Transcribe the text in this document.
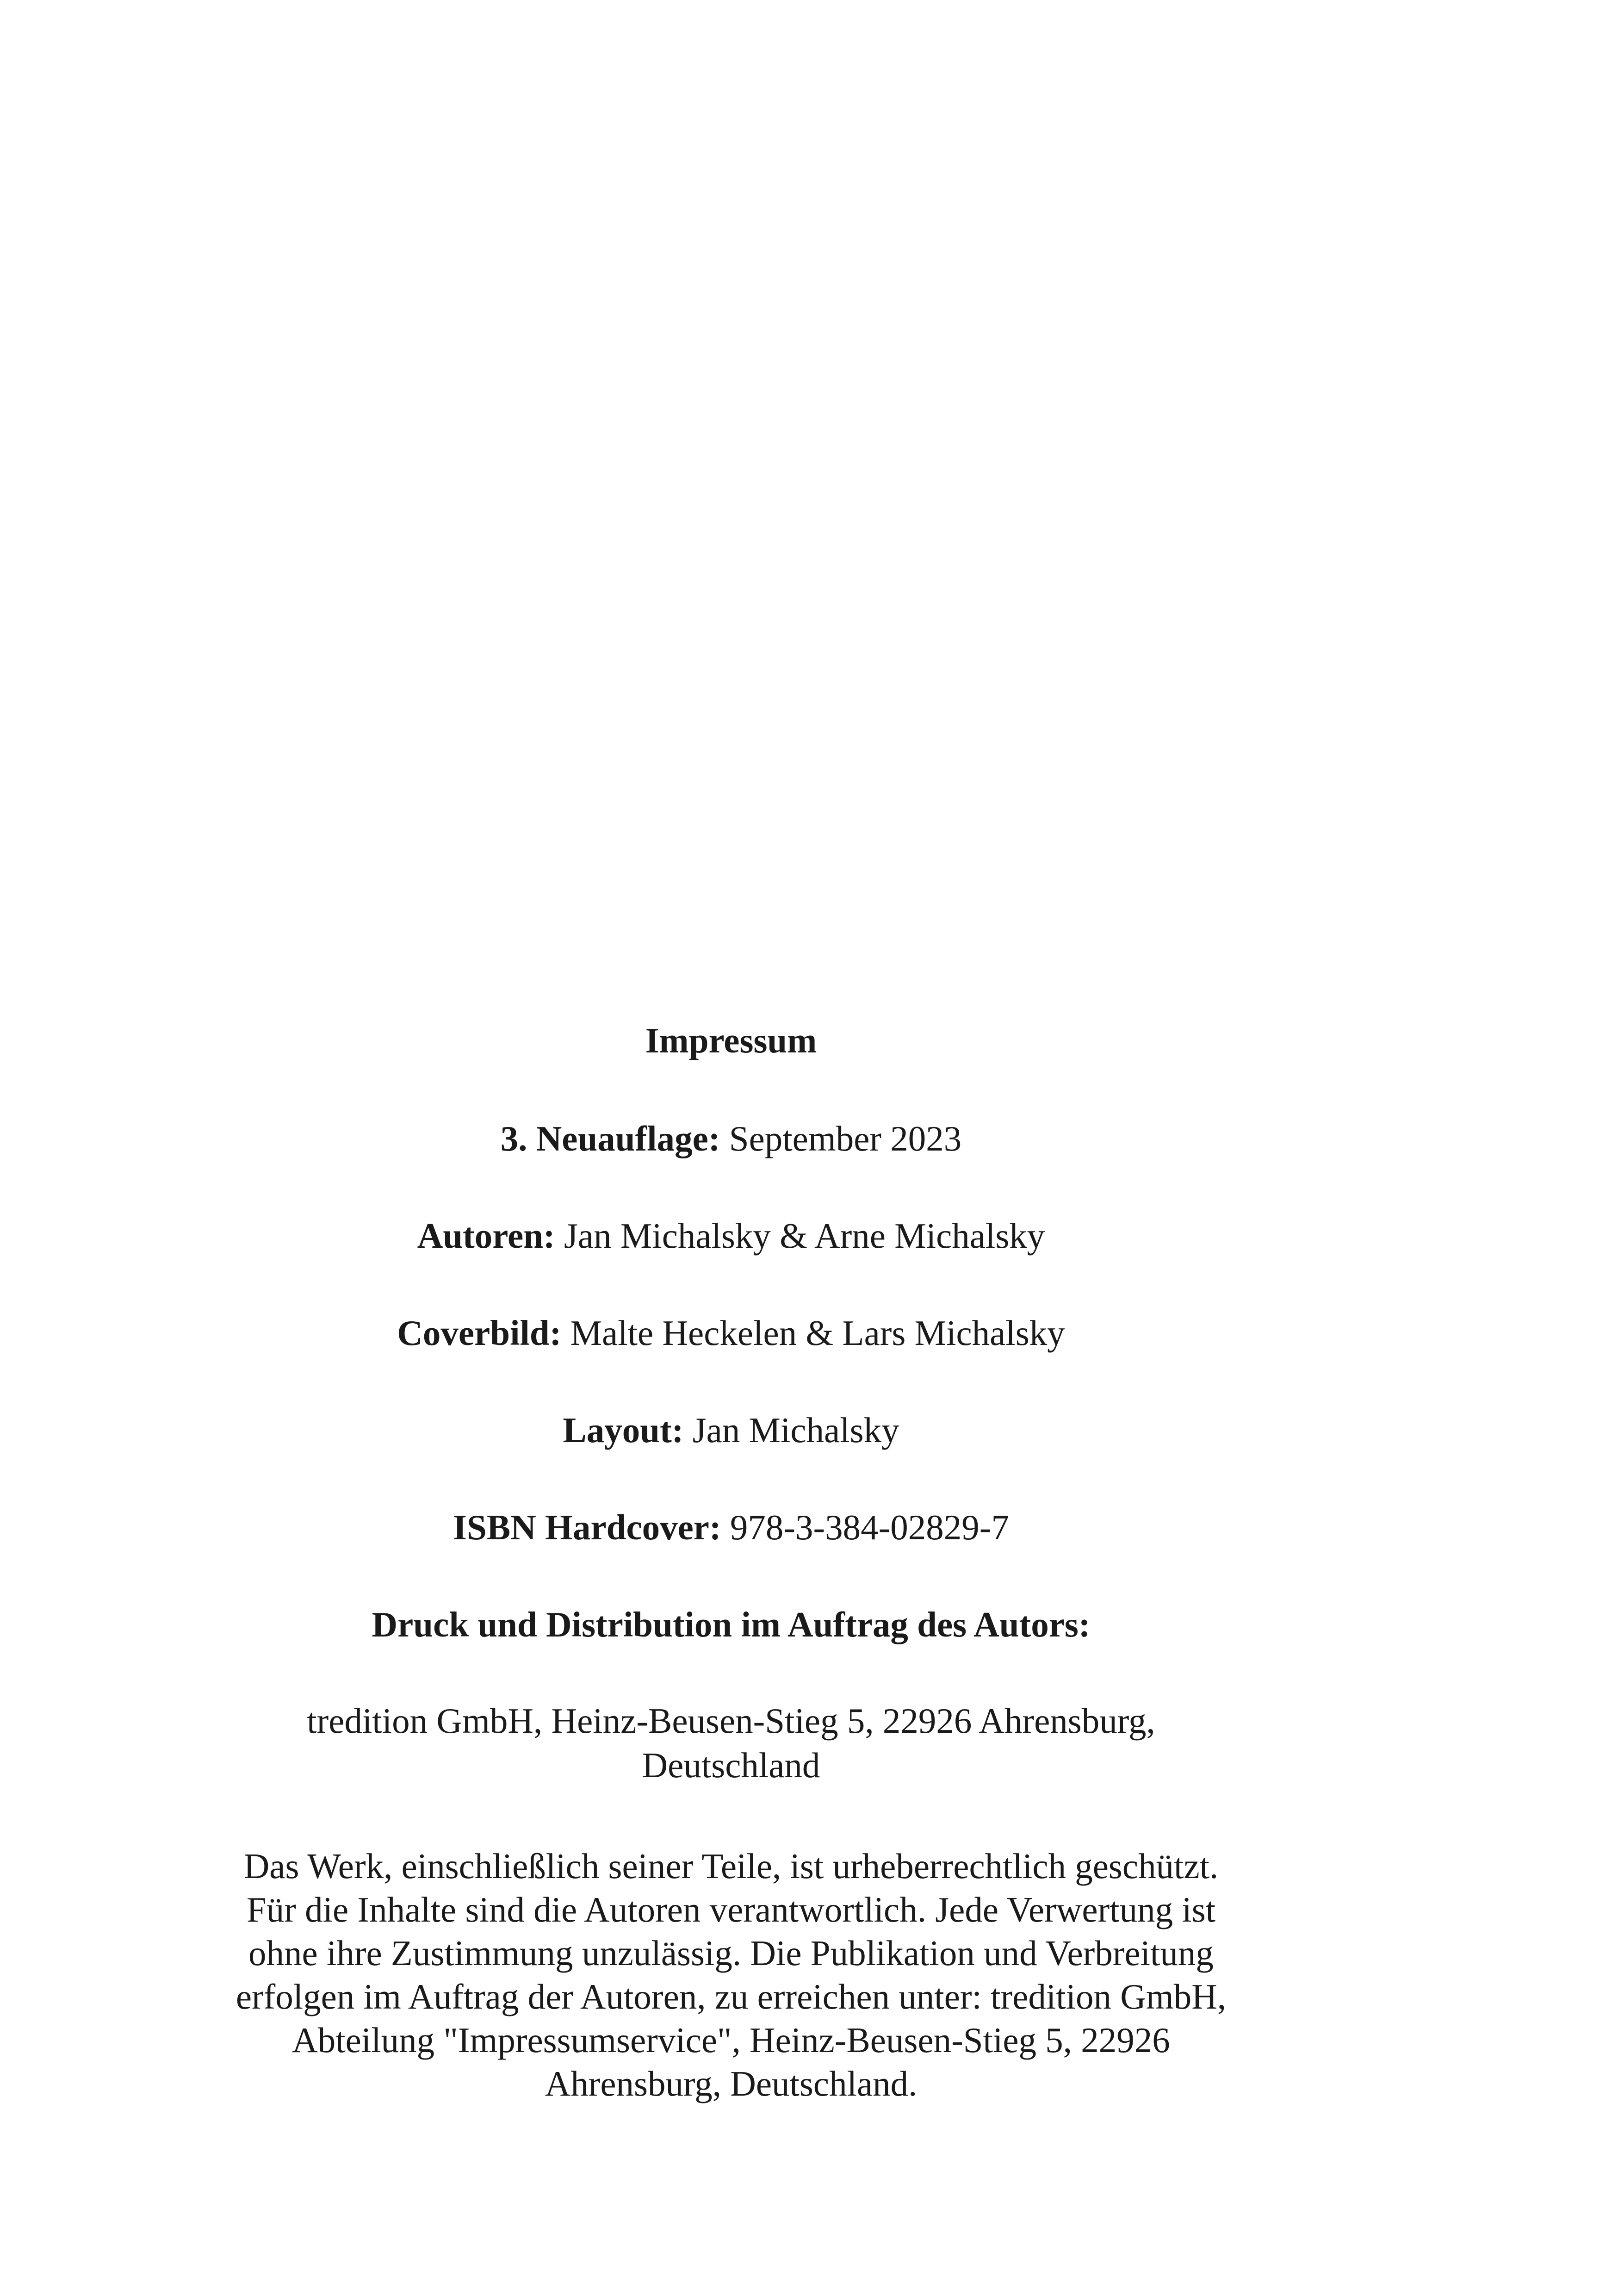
Impressum
3. Neuauflage: September 2023
Autoren: Jan Michalsky & Arne Michalsky
Coverbild: Malte Heckelen & Lars Michalsky
Layout: Jan Michalsky
ISBN Hardcover: 978-3-384-02829-7
Druck und Distribution im Auftrag des Autors:
tredition GmbH, Heinz-Beusen-Stieg 5, 22926 Ahrensburg,
Deutschland
Das Werk, einschließlich seiner Teile, ist urheberrechtlich geschützt.
Für die Inhalte sind die Autoren verantwortlich. Jede Verwertung ist
ohne ihre Zustimmung unzulässig. Die Publikation und Verbreitung
erfolgen im Auftrag der Autoren, zu erreichen unter: tredition GmbH,
Abteilung "Impressumservice", Heinz-Beusen-Stieg 5, 22926
Ahrensburg, Deutschland.
